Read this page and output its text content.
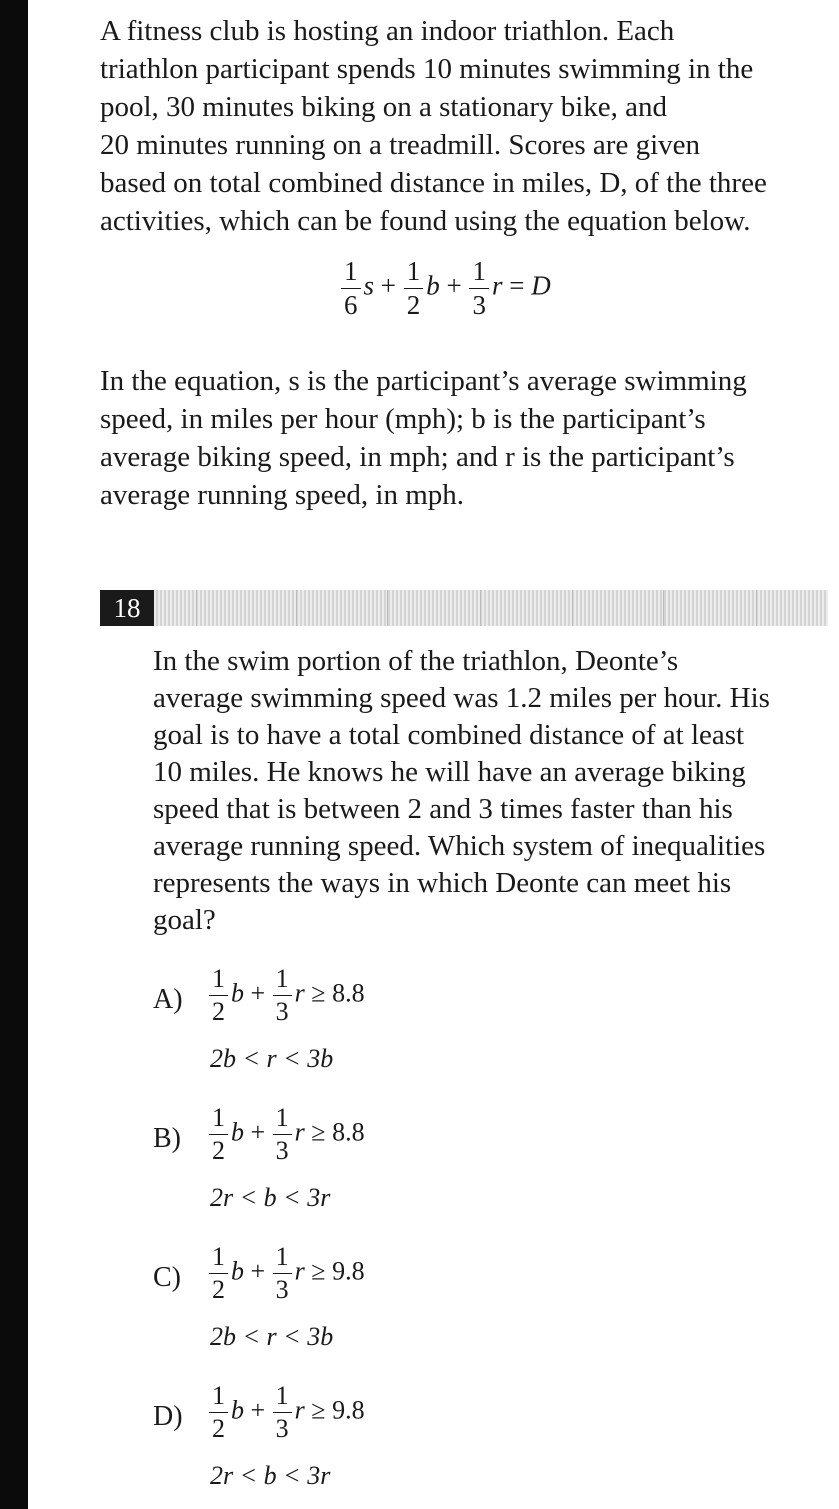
A fitness club is hosting an indoor triathlon. Each
triathlon participant spends 10 minutes swimming in the
pool, 30 minutes biking on a stationary bike, and
20 minutes running on a treadmill. Scores are given
based on total combined distance in miles, D, of the three
activities, which can be found using the equation below.
$\frac{1}{6}$ $s + \frac{1}{2}$ $b + \frac{1}{3}$ r = D
In the equation, s is the participant’s average swimming
speed, in miles per hour (mph); b is the participant’s
average biking speed, in mph; and r is the participant’s
average running speed, in mph.
18
In the swim portion of the triathlon, Deonte’s
average swimming speed was 1.2 miles per hour. His
goal is to have a total combined distance of at least
10 miles. He knows he will have an average biking
speed that is between 2 and 3 times faster than his
average running speed. Which system of inequalities
represents the ways in which Deonte can meet his
goal?
$A) \frac{1}{2}$ $b + \frac{1}{3}$ r ≥ 8.8
2b < r < 3b
$B) \frac{1}{2}$ $b + \frac{1}{3}$ r ≥ 8.8
2r < b < 3r
$C) \frac{1}{2}$ $b + \frac{1}{3}$ r ≥ 9.8
2b < r < 3b
$D) \frac{1}{2}$ $b + \frac{1}{3}$ r ≥ 9.8
2r < b < 3r
